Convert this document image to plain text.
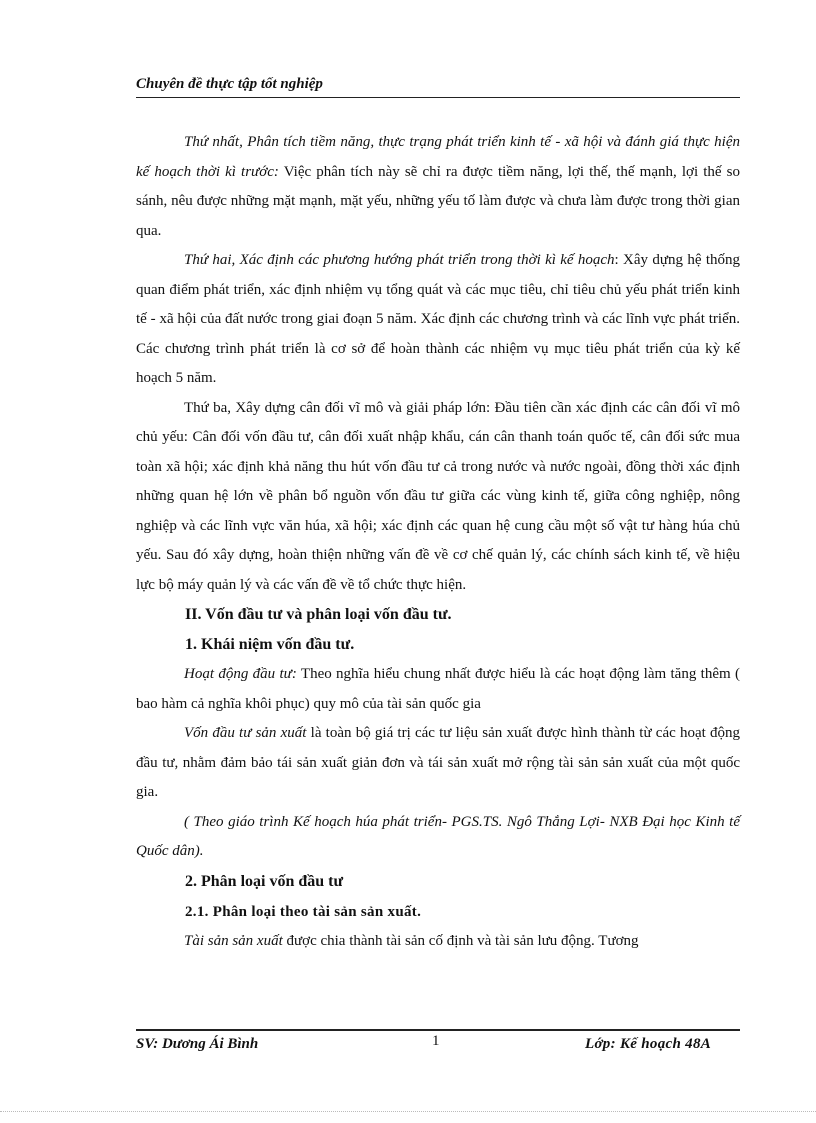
Chuyên đề thực tập tốt nghiệp

Thứ nhất, Phân tích tiềm năng, thực trạng phát triển kinh tế - xã hội và đánh giá thực hiện kế hoạch thời kì trước: Việc phân tích này sẽ chỉ ra được tiềm năng, lợi thế, thế mạnh, lợi thế so sánh, nêu được những mặt mạnh, mặt yếu, những yếu tố làm được và chưa làm được trong thời gian qua.

Thứ hai, Xác định các phương hướng phát triển trong thời kì kế hoạch: Xây dựng hệ thống quan điểm phát triển, xác định nhiệm vụ tổng quát và các mục tiêu, chỉ tiêu chủ yếu phát triển kinh tế - xã hội của đất nước trong giai đoạn 5 năm. Xác định các chương trình và các lĩnh vực phát triển. Các chương trình phát triển là cơ sở để hoàn thành các nhiệm vụ mục tiêu phát triển của kỳ kế hoạch 5 năm.

Thứ ba, Xây dựng cân đối vĩ mô và giải pháp lớn: Đầu tiên cần xác định các cân đối vĩ mô chủ yếu: Cân đối vốn đầu tư, cân đối xuất nhập khẩu, cán cân thanh toán quốc tế, cân đối sức mua toàn xã hội; xác định khả năng thu hút vốn đầu tư cả trong nước và nước ngoài, đồng thời xác định những quan hệ lớn về phân bổ nguồn vốn đầu tư giữa các vùng kinh tế, giữa công nghiệp, nông nghiệp và các lĩnh vực văn húa, xã hội; xác định các quan hệ cung cầu một số vật tư hàng húa chủ yếu. Sau đó xây dựng, hoàn thiện những vấn đề về cơ chế quản lý, các chính sách kinh tế, về hiệu lực bộ máy quản lý và các vấn đề về tổ chức thực hiện.

II. Vốn đầu tư và phân loại vốn đầu tư.
1. Khái niệm vốn đầu tư.

Hoạt động đầu tư: Theo nghĩa hiểu chung nhất được hiểu là các hoạt động làm tăng thêm ( bao hàm cả nghĩa khôi phục) quy mô của tài sản quốc gia

Vốn đầu tư sản xuất là toàn bộ giá trị các tư liệu sản xuất được hình thành từ các hoạt động đầu tư, nhằm đảm bảo tái sản xuất giản đơn và tái sản xuất mở rộng tài sản sản xuất của một quốc gia.

( Theo giáo trình Kế hoạch húa phát triển- PGS.TS. Ngô Thắng Lợi- NXB Đại học Kinh tế Quốc dân).

2. Phân loại vốn đầu tư
2.1. Phân loại theo tài sản sản xuất.

Tài sản sản xuất được chia thành tài sản cố định và tài sản lưu động. Tương

SV: Dương Ái Bình	1	Lớp: Kế hoạch 48A
